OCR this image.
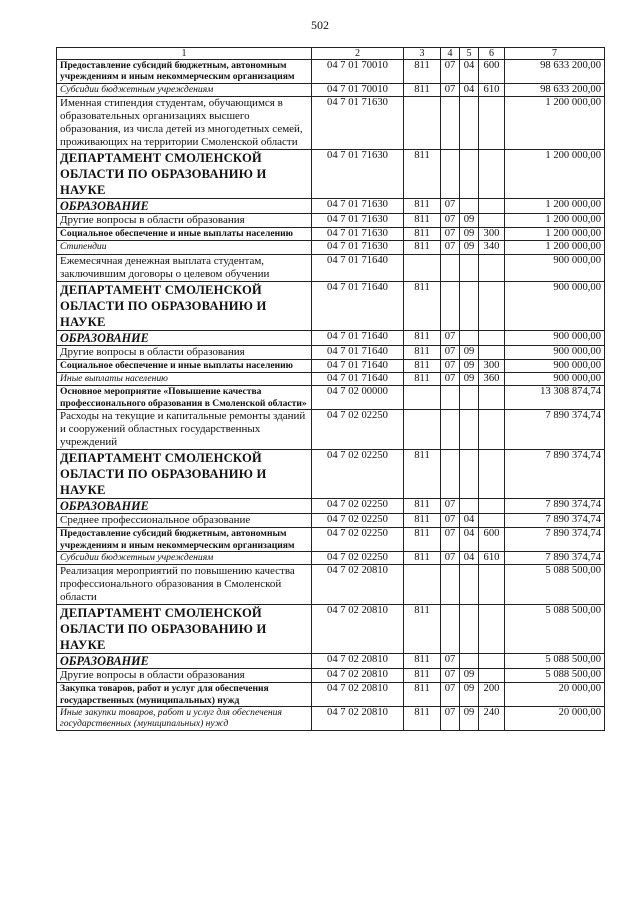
502
1	2	3	4	5	6	7
Предоставление субсидий бюджетным, автономным учреждениям и иным некоммерческим организациям	04 7 01 70010	811	07	04	600	98 633 200,00
Субсидии бюджетным учреждениям	04 7 01 70010	811	07	04	610	98 633 200,00
Именная стипендия студентам, обучающимся в образовательных организациях высшего образования, из числа детей из многодетных семей, проживающих на территории Смоленской области	04 7 01 71630					1 200 000,00
ДЕПАРТАМЕНТ СМОЛЕНСКОЙ ОБЛАСТИ ПО ОБРАЗОВАНИЮ И НАУКЕ	04 7 01 71630	811				1 200 000,00
ОБРАЗОВАНИЕ	04 7 01 71630	811	07			1 200 000,00
Другие вопросы в области образования	04 7 01 71630	811	07	09		1 200 000,00
Социальное обеспечение и иные выплаты населению	04 7 01 71630	811	07	09	300	1 200 000,00
Стипендии	04 7 01 71630	811	07	09	340	1 200 000,00
Ежемесячная денежная выплата студентам, заключившим договоры о целевом обучении	04 7 01 71640					900 000,00
ДЕПАРТАМЕНТ СМОЛЕНСКОЙ ОБЛАСТИ ПО ОБРАЗОВАНИЮ И НАУКЕ	04 7 01 71640	811				900 000,00
ОБРАЗОВАНИЕ	04 7 01 71640	811	07			900 000,00
Другие вопросы в области образования	04 7 01 71640	811	07	09		900 000,00
Социальное обеспечение и иные выплаты населению	04 7 01 71640	811	07	09	300	900 000,00
Иные выплаты населению	04 7 01 71640	811	07	09	360	900 000,00
Основное мероприятие «Повышение качества профессионального образования в Смоленской области»	04 7 02 00000					13 308 874,74
Расходы на текущие и капитальные ремонты зданий и сооружений областных государственных учреждений	04 7 02 02250					7 890 374,74
ДЕПАРТАМЕНТ СМОЛЕНСКОЙ ОБЛАСТИ ПО ОБРАЗОВАНИЮ И НАУКЕ	04 7 02 02250	811				7 890 374,74
ОБРАЗОВАНИЕ	04 7 02 02250	811	07			7 890 374,74
Среднее профессиональное образование	04 7 02 02250	811	07	04		7 890 374,74
Предоставление субсидий бюджетным, автономным учреждениям и иным некоммерческим организациям	04 7 02 02250	811	07	04	600	7 890 374,74
Субсидии бюджетным учреждениям	04 7 02 02250	811	07	04	610	7 890 374,74
Реализация мероприятий по повышению качества профессионального образования в Смоленской области	04 7 02 20810					5 088 500,00
ДЕПАРТАМЕНТ СМОЛЕНСКОЙ ОБЛАСТИ ПО ОБРАЗОВАНИЮ И НАУКЕ	04 7 02 20810	811				5 088 500,00
ОБРАЗОВАНИЕ	04 7 02 20810	811	07			5 088 500,00
Другие вопросы в области образования	04 7 02 20810	811	07	09		5 088 500,00
Закупка товаров, работ и услуг для обеспечения государственных (муниципальных) нужд	04 7 02 20810	811	07	09	200	20 000,00
Иные закупки товаров, работ и услуг для обеспечения государственных (муниципальных) нужд	04 7 02 20810	811	07	09	240	20 000,00
